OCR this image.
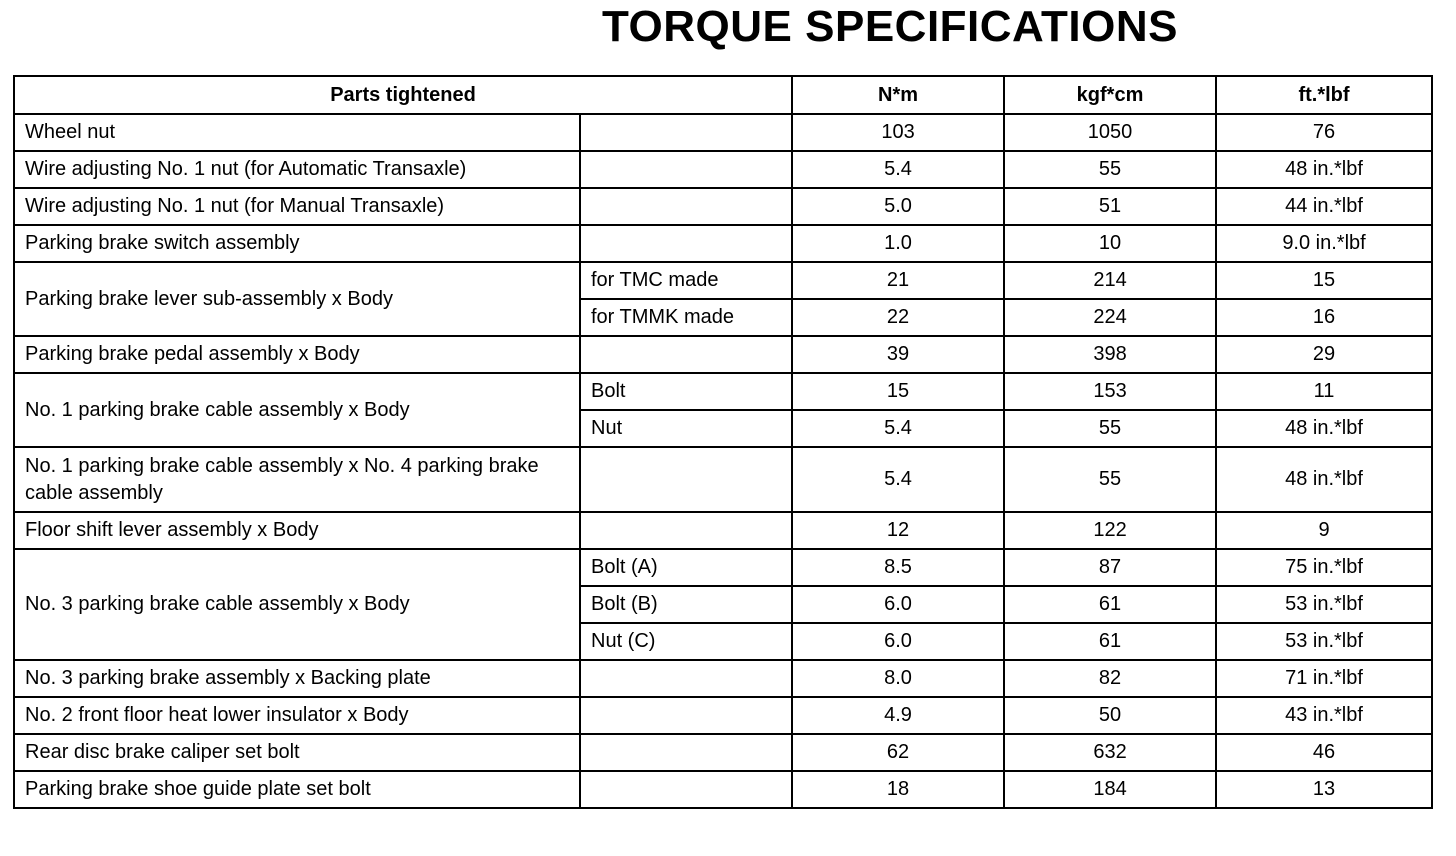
TORQUE SPECIFICATIONS
Parts tightened		N*m	kgf*cm	ft.*lbf
Wheel nut		103	1050	76
Wire adjusting No. 1 nut (for Automatic Transaxle)		5.4	55	48 in.*lbf
Wire adjusting No. 1 nut (for Manual Transaxle)		5.0	51	44 in.*lbf
Parking brake switch assembly		1.0	10	9.0 in.*lbf
Parking brake lever sub-assembly x Body	for TMC made	21	214	15
	for TMMK made	22	224	16
Parking brake pedal assembly x Body		39	398	29
No. 1 parking brake cable assembly x Body	Bolt	15	153	11
	Nut	5.4	55	48 in.*lbf
No. 1 parking brake cable assembly x No. 4 parking brake cable assembly		5.4	55	48 in.*lbf
Floor shift lever assembly x Body		12	122	9
No. 3 parking brake cable assembly x Body	Bolt (A)	8.5	87	75 in.*lbf
	Bolt (B)	6.0	61	53 in.*lbf
	Nut (C)	6.0	61	53 in.*lbf
No. 3 parking brake assembly x Backing plate		8.0	82	71 in.*lbf
No. 2 front floor heat lower insulator x Body		4.9	50	43 in.*lbf
Rear disc brake caliper set bolt		62	632	46
Parking brake shoe guide plate set bolt		18	184	13
